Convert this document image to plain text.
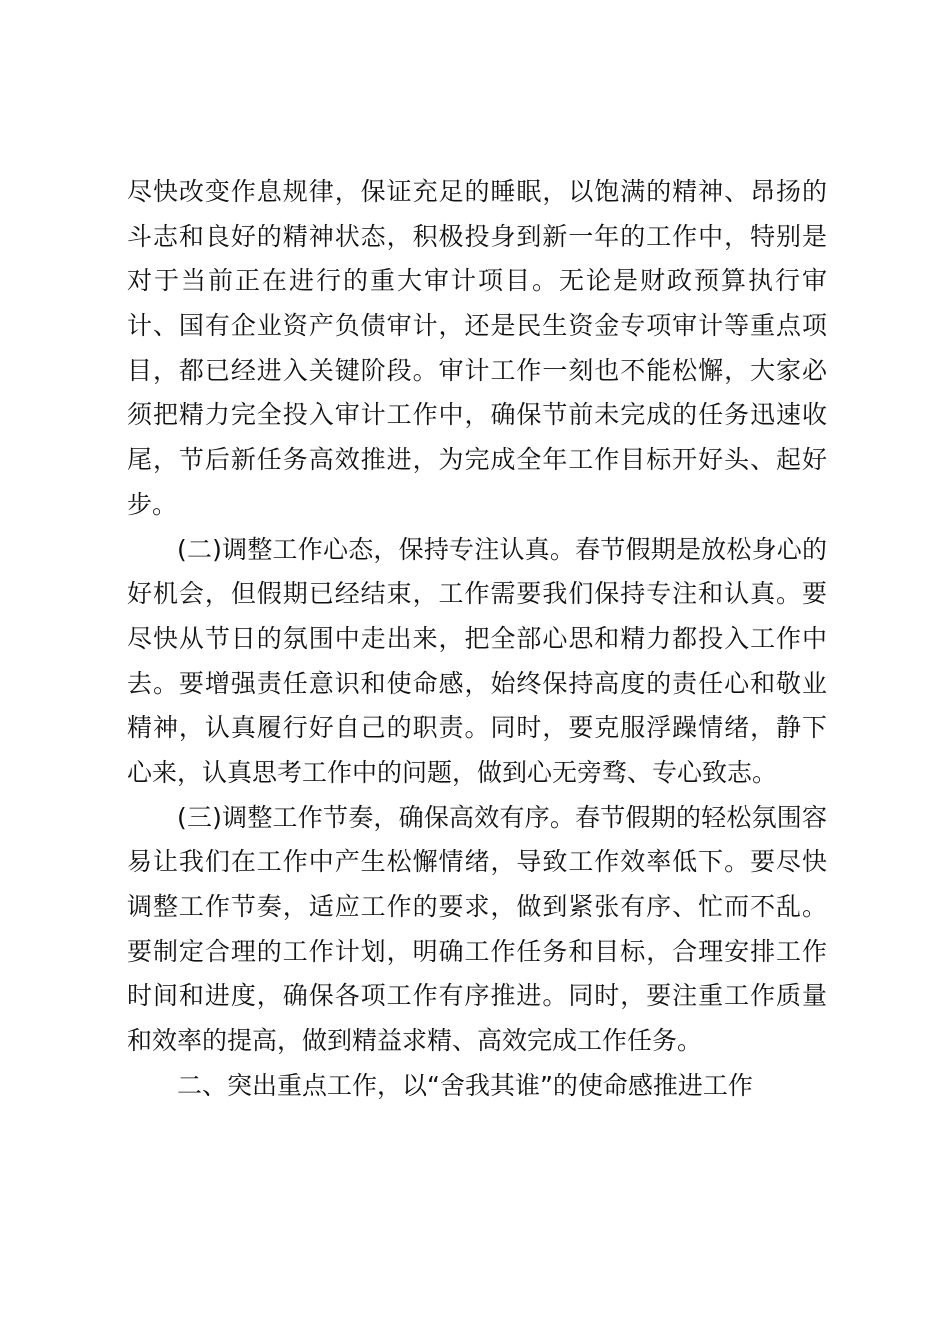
尽快改变作息规律，保证充足的睡眠，以饱满的精神、昂扬的
斗志和良好的精神状态，积极投身到新一年的工作中，特别是
对于当前正在进行的重大审计项目。无论是财政预算执行审
计、国有企业资产负债审计，还是民生资金专项审计等重点项
目，都已经进入关键阶段。审计工作一刻也不能松懈，大家必
须把精力完全投入审计工作中，确保节前未完成的任务迅速收
尾，节后新任务高效推进，为完成全年工作目标开好头、起好
步。
(二)调整工作心态，保持专注认真。春节假期是放松身心的
好机会，但假期已经结束，工作需要我们保持专注和认真。要
尽快从节日的氛围中走出来，把全部心思和精力都投入工作中
去。要增强责任意识和使命感，始终保持高度的责任心和敬业
精神，认真履行好自己的职责。同时，要克服浮躁情绪，静下
心来，认真思考工作中的问题，做到心无旁骛、专心致志。
(三)调整工作节奏，确保高效有序。春节假期的轻松氛围容
易让我们在工作中产生松懈情绪，导致工作效率低下。要尽快
调整工作节奏，适应工作的要求，做到紧张有序、忙而不乱。
要制定合理的工作计划，明确工作任务和目标，合理安排工作
时间和进度，确保各项工作有序推进。同时，要注重工作质量
和效率的提高，做到精益求精、高效完成工作任务。
二、突出重点工作，以“舍我其谁”的使命感推进工作
